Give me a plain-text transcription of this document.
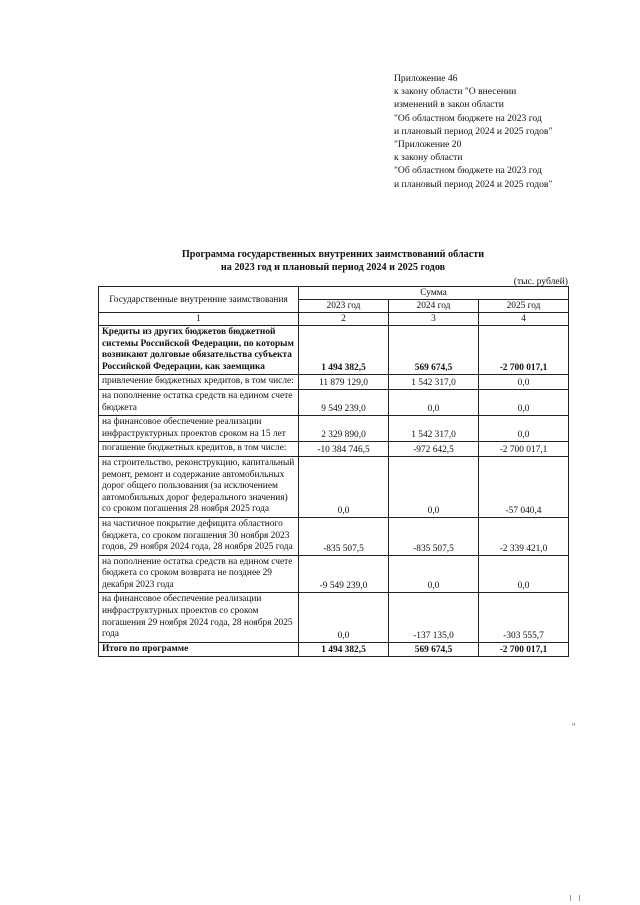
Приложение 46
к закону области "О внесении
изменений в закон области
"Об областном бюджете на 2023 год
и плановый период 2024 и 2025 годов"
"Приложение 20
к закону области
"Об областном бюджете на 2023 год
и плановый период 2024 и 2025 годов"
Программа государственных внутренних заимствований области
на 2023 год и плановый период 2024 и 2025 годов
(тыс. рублей)
Государственные внутренние заимствования	Сумма		
	2023 год	2024 год	2025 год
1	2	3	4
Кредиты из других бюджетов бюджетной системы Российской Федерации, по которым возникают долговые обязательства субъекта Российской Федерации, как заемщика	1 494 382,5	569 674,5	-2 700 017,1
привлечение бюджетных кредитов, в том числе:	11 879 129,0	1 542 317,0	0,0
на пополнение остатка средств на едином счете бюджета	9 549 239,0	0,0	0,0
на финансовое обеспечение реализации инфраструктурных проектов сроком на 15 лет	2 329 890,0	1 542 317,0	0,0
погашение бюджетных кредитов, в том числе:	-10 384 746,5	-972 642,5	-2 700 017,1
на строительство, реконструкцию, капитальный ремонт, ремонт и содержание автомобильных дорог общего пользования (за исключением автомобильных дорог федерального значения) со сроком погашения 28 ноября 2025 года	0,0	0,0	-57 040,4
на частичное покрытие дефицита областного бюджета, со сроком погашения 30 ноября 2023 годов, 29 ноября 2024 года, 28 ноября 2025 года	-835 507,5	-835 507,5	-2 339 421,0
на пополнение остатка средств на едином счете бюджета со сроком возврата не позднее 29 декабря 2023 года	-9 549 239,0	0,0	0,0
на финансовое обеспечение реализации инфраструктурных проектов со сроком погашения 29 ноября 2024 года, 28 ноября 2025 года	0,0	-137 135,0	-303 555,7
Итого по программе	1 494 382,5	569 674,5	-2 700 017,1
"
